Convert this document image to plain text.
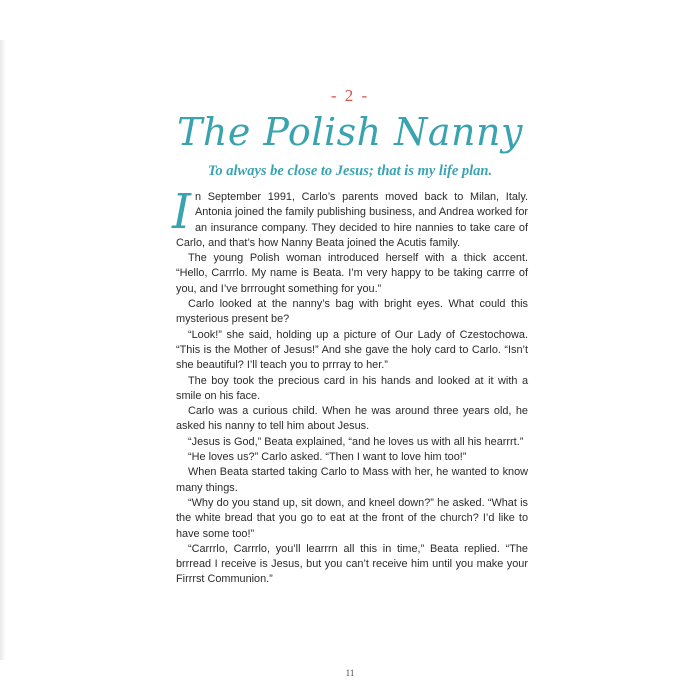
- 2 -
The Polish Nanny
To always be close to Jesus; that is my life plan.

In September 1991, Carlo’s parents moved back to Milan, Italy. Antonia joined the family publishing business, and Andrea worked for an insurance company. They decided to hire nannies to take care of Carlo, and that’s how Nanny Beata joined the Acutis family.

The young Polish woman introduced herself with a thick accent. “Hello, Carrrlo. My name is Beata. I’m very happy to be taking carrre of you, and I’ve brrrought something for you.”

Carlo looked at the nanny’s bag with bright eyes. What could this mysterious present be?

“Look!” she said, holding up a picture of Our Lady of Czestochowa. “This is the Mother of Jesus!” And she gave the holy card to Carlo. “Isn’t she beautiful? I’ll teach you to prrray to her.”

The boy took the precious card in his hands and looked at it with a smile on his face.

Carlo was a curious child. When he was around three years old, he asked his nanny to tell him about Jesus.

“Jesus is God,” Beata explained, “and he loves us with all his hearrrt.”

“He loves us?” Carlo asked. “Then I want to love him too!”

When Beata started taking Carlo to Mass with her, he wanted to know many things.

“Why do you stand up, sit down, and kneel down?” he asked. “What is the white bread that you go to eat at the front of the church? I’d like to have some too!”

“Carrrlo, Carrrlo, you’ll learrrn all this in time,” Beata replied. “The brrread I receive is Jesus, but you can’t receive him until you make your Firrrst Communion.”

11
